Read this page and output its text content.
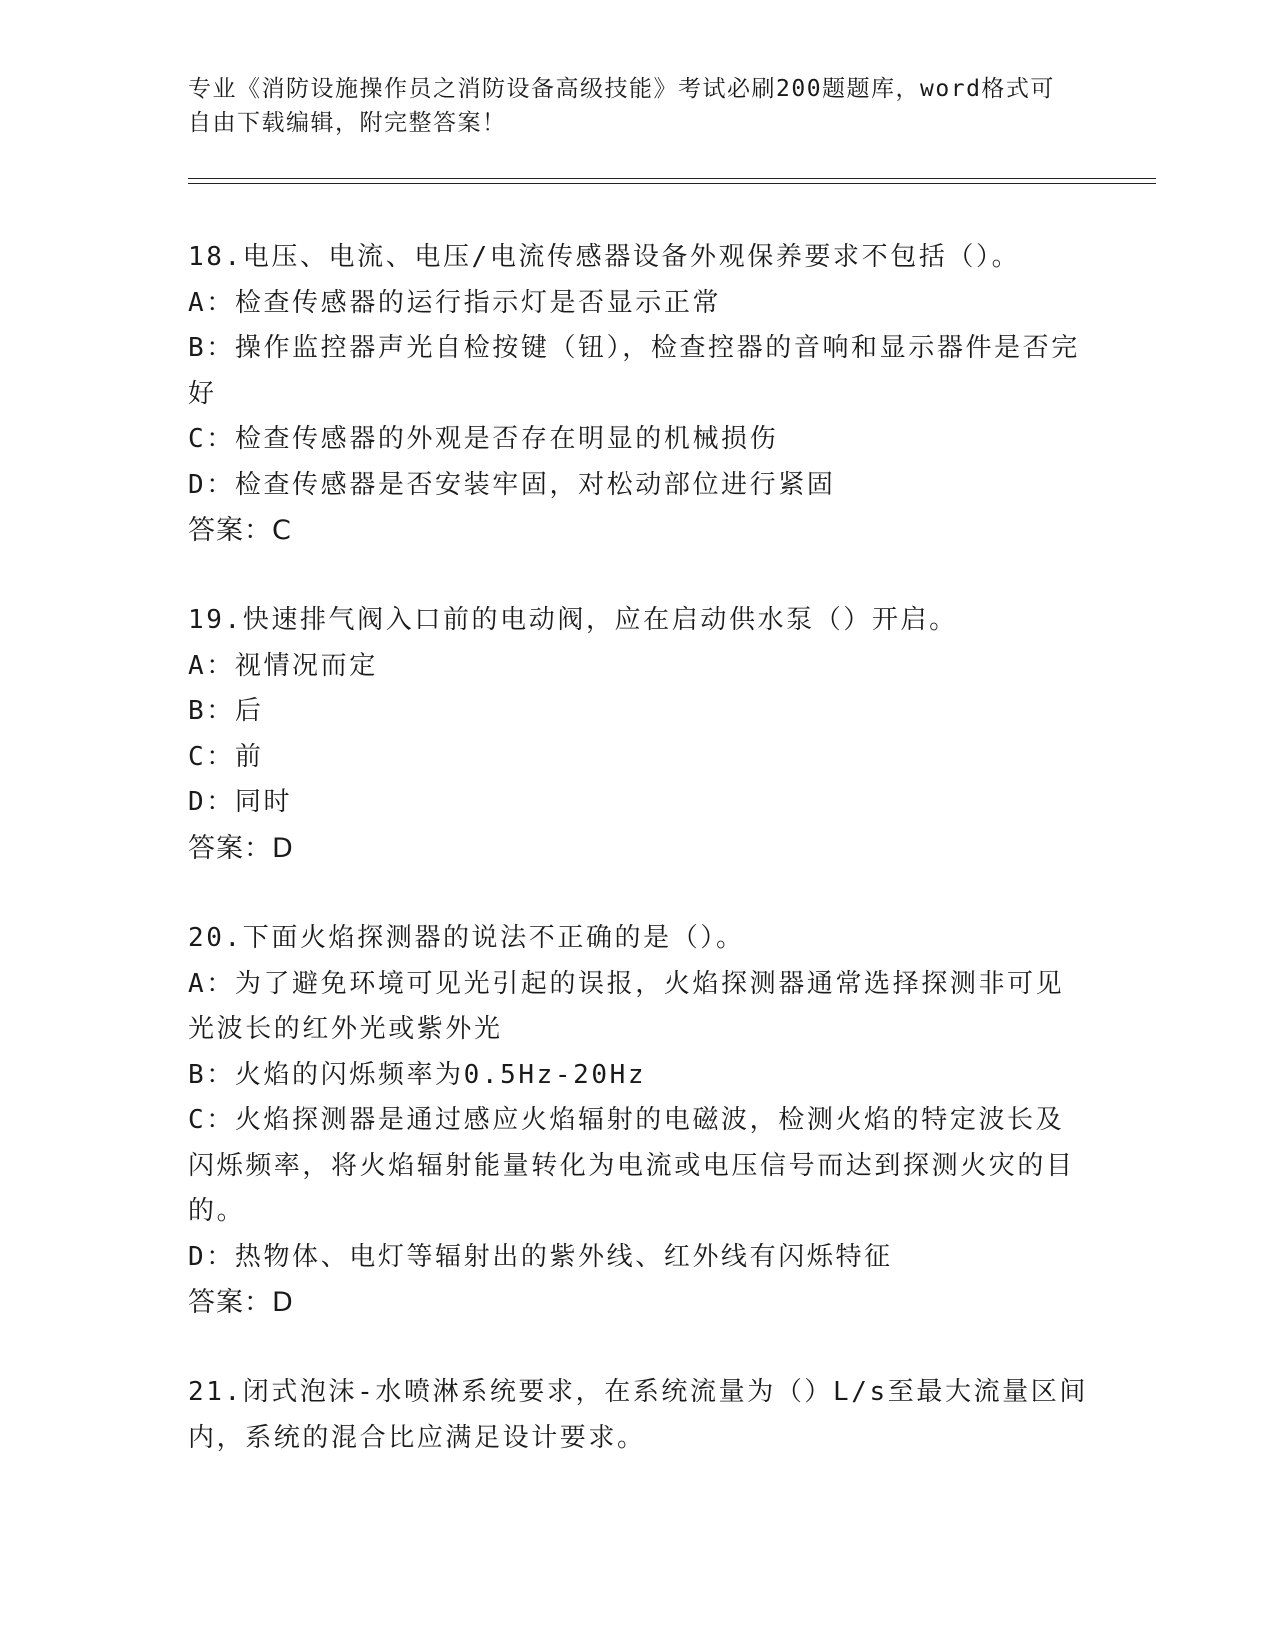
专业《消防设施操作员之消防设备高级技能》考试必刷200题题库，word格式可
自由下载编辑，附完整答案！

18.电压、电流、电压/电流传感器设备外观保养要求不包括（）。

A：检查传感器的运行指示灯是否显示正常

B：操作监控器声光自检按键（钮），检查控器的音响和显示器件是否完好

C：检查传感器的外观是否存在明显的机械损伤

D：检查传感器是否安装牢固，对松动部位进行紧固

答案：C

19.快速排气阀入口前的电动阀，应在启动供水泵（）开启。

A：视情况而定

B：后

C：前

D：同时

答案：D

20.下面火焰探测器的说法不正确的是（）。

A：为了避免环境可见光引起的误报，火焰探测器通常选择探测非可见光波长的红外光或紫外光

B：火焰的闪烁频率为0.5Hz-20Hz

C：火焰探测器是通过感应火焰辐射的电磁波，检测火焰的特定波长及闪烁频率，将火焰辐射能量转化为电流或电压信号而达到探测火灾的目的。

D：热物体、电灯等辐射出的紫外线、红外线有闪烁特征

答案：D

21.闭式泡沫-水喷淋系统要求，在系统流量为（）L/s至最大流量区间内，系统的混合比应满足设计要求。
